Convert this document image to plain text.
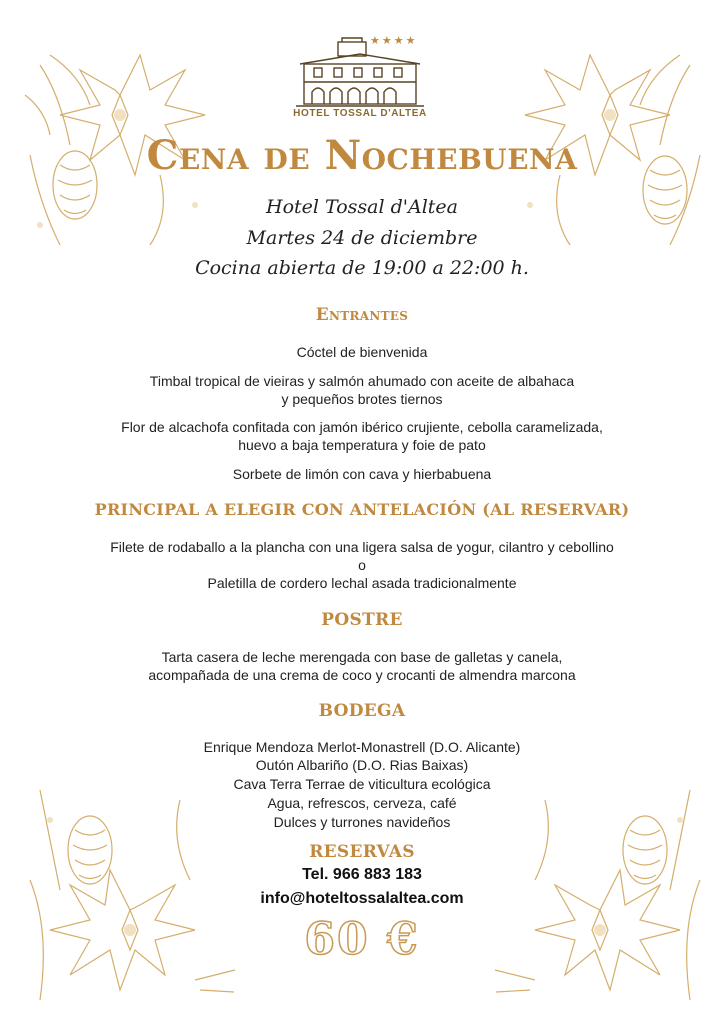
★★★★
HOTEL TOSSAL D'ALTEA
Cena de Nochebuena
Hotel Tossal d'Altea
Martes 24 de diciembre
Cocina abierta de 19:00 a 22:00 h.
Entrantes
Cóctel de bienvenida
Timbal tropical de vieiras y salmón ahumado con aceite de albahaca
y pequeños brotes tiernos
Flor de alcachofa confitada con jamón ibérico crujiente, cebolla caramelizada,
huevo a baja temperatura y foie de pato
Sorbete de limón con cava y hierbabuena
PRINCIPAL A ELEGIR CON ANTELACIÓN (AL RESERVAR)
Filete de rodaballo a la plancha con una ligera salsa de yogur, cilantro y cebollino
o
Paletilla de cordero lechal asada tradicionalmente
POSTRE
Tarta casera de leche merengada con base de galletas y canela,
acompañada de una crema de coco y crocanti de almendra marcona
BODEGA
Enrique Mendoza Merlot-Monastrell (D.O. Alicante)
Outón Albariño (D.O. Rias Baixas)
Cava Terra Terrae de viticultura ecológica
Agua, refrescos, cerveza, café
Dulces y turrones navideños
RESERVAS
Tel. 966 883 183
info@hoteltossalaltea.com
60 €
